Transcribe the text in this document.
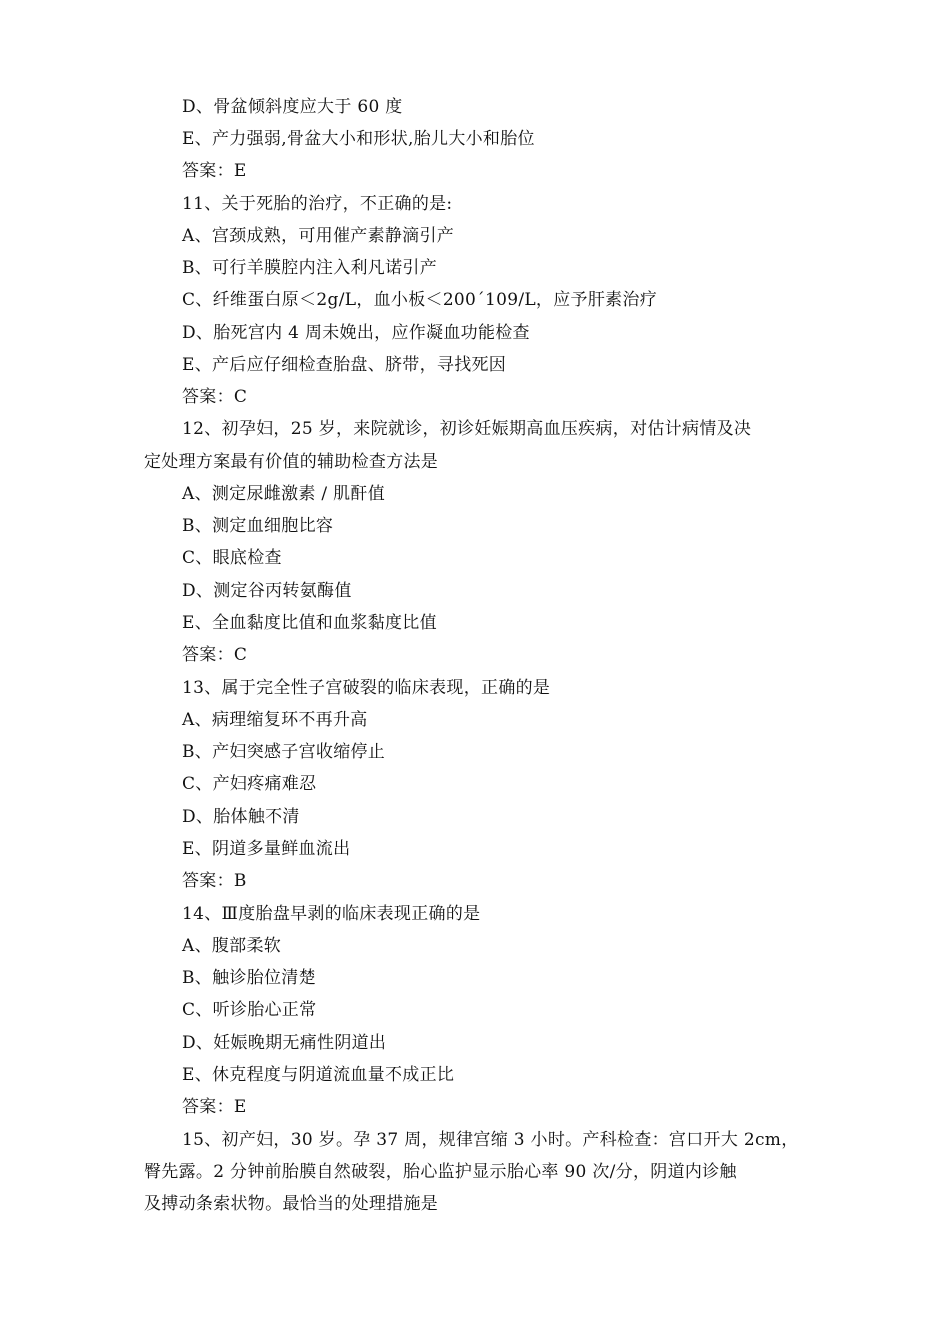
D、骨盆倾斜度应大于 60 度
E、产力强弱,骨盆大小和形状,胎儿大小和胎位
答案：E
11、关于死胎的治疗，不正确的是:
A、宫颈成熟，可用催产素静滴引产
B、可行羊膜腔内注入利凡诺引产
C、纤维蛋白原＜2g/L，血小板＜200´109/L，应予肝素治疗
D、胎死宫内 4 周未娩出，应作凝血功能检查
E、产后应仔细检查胎盘、脐带，寻找死因
答案：C
12、初孕妇，25 岁，来院就诊，初诊妊娠期高血压疾病，对估计病情及决
定处理方案最有价值的辅助检查方法是
A、测定尿雌激素 / 肌酐值
B、测定血细胞比容
C、眼底检查
D、测定谷丙转氨酶值
E、全血黏度比值和血浆黏度比值
答案：C
13、属于完全性子宫破裂的临床表现，正确的是
A、病理缩复环不再升高
B、产妇突感子宫收缩停止
C、产妇疼痛难忍
D、胎体触不清
E、阴道多量鲜血流出
答案：B
14、Ⅲ度胎盘早剥的临床表现正确的是
A、腹部柔软
B、触诊胎位清楚
C、听诊胎心正常
D、妊娠晚期无痛性阴道出
E、休克程度与阴道流血量不成正比
答案：E
15、初产妇，30 岁。孕 37 周，规律宫缩 3 小时。产科检查：宫口开大 2cm，
臀先露。2 分钟前胎膜自然破裂，胎心监护显示胎心率 90 次/分，阴道内诊触
及搏动条索状物。最恰当的处理措施是
